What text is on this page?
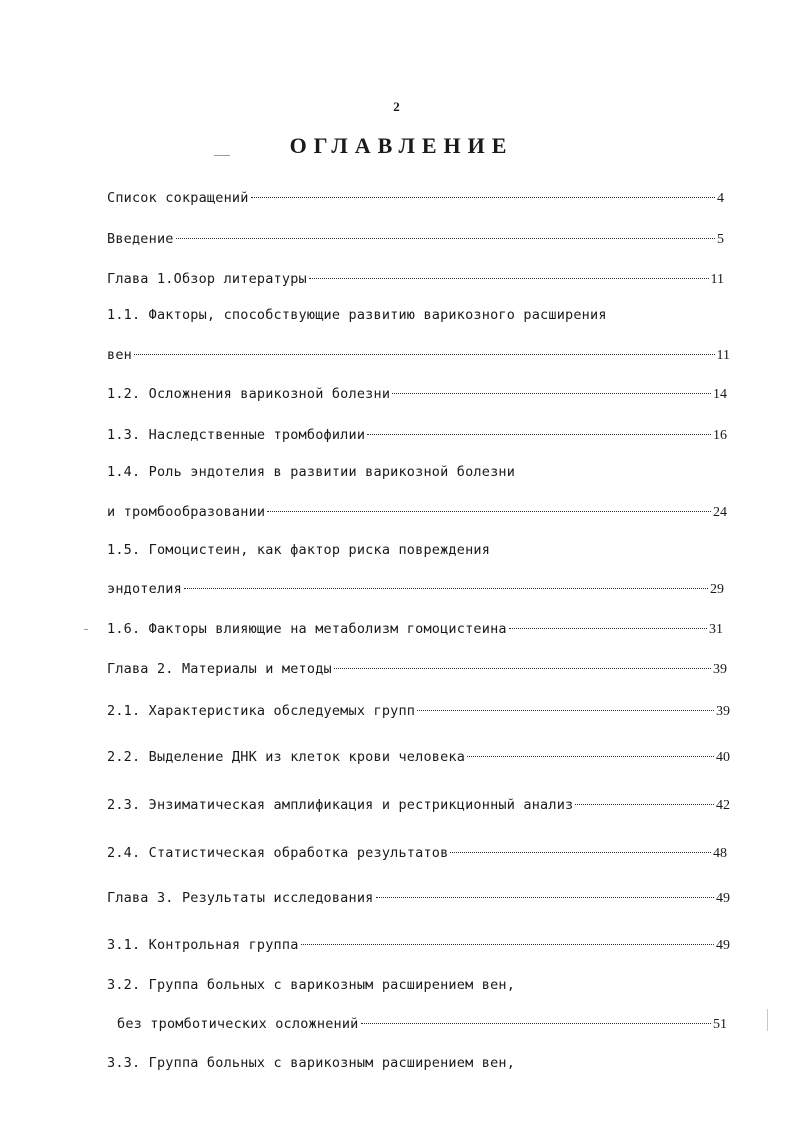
2
ОГЛАВЛЕНИЕ
Список сокращений	4
Введение	5
Глава 1.Обзор литературы	11
1.1. Факторы, способствующие развитию варикозного расширения
вен	11
1.2. Осложнения варикозной болезни	14
1.3. Наследственные тромбофилии	16
1.4. Роль эндотелия в развитии варикозной болезни
и тромбообразовании	24
1.5. Гомоцистеин, как фактор риска повреждения
эндотелия	29
1.6. Факторы влияющие на метаболизм гомоцистеина	31
Глава 2. Материалы и методы	39
2.1. Характеристика обследуемых групп	39
2.2. Выделение ДНК из клеток крови человека	40
2.3. Энзиматическая амплификация и рестрикционный анализ	42
2.4. Статистическая обработка результатов	48
Глава 3. Результаты исследования	49
3.1. Контрольная группа	49
3.2. Группа больных с варикозным расширением вен,
без тромботических осложнений	51
3.3. Группа больных с варикозным расширением вен,
